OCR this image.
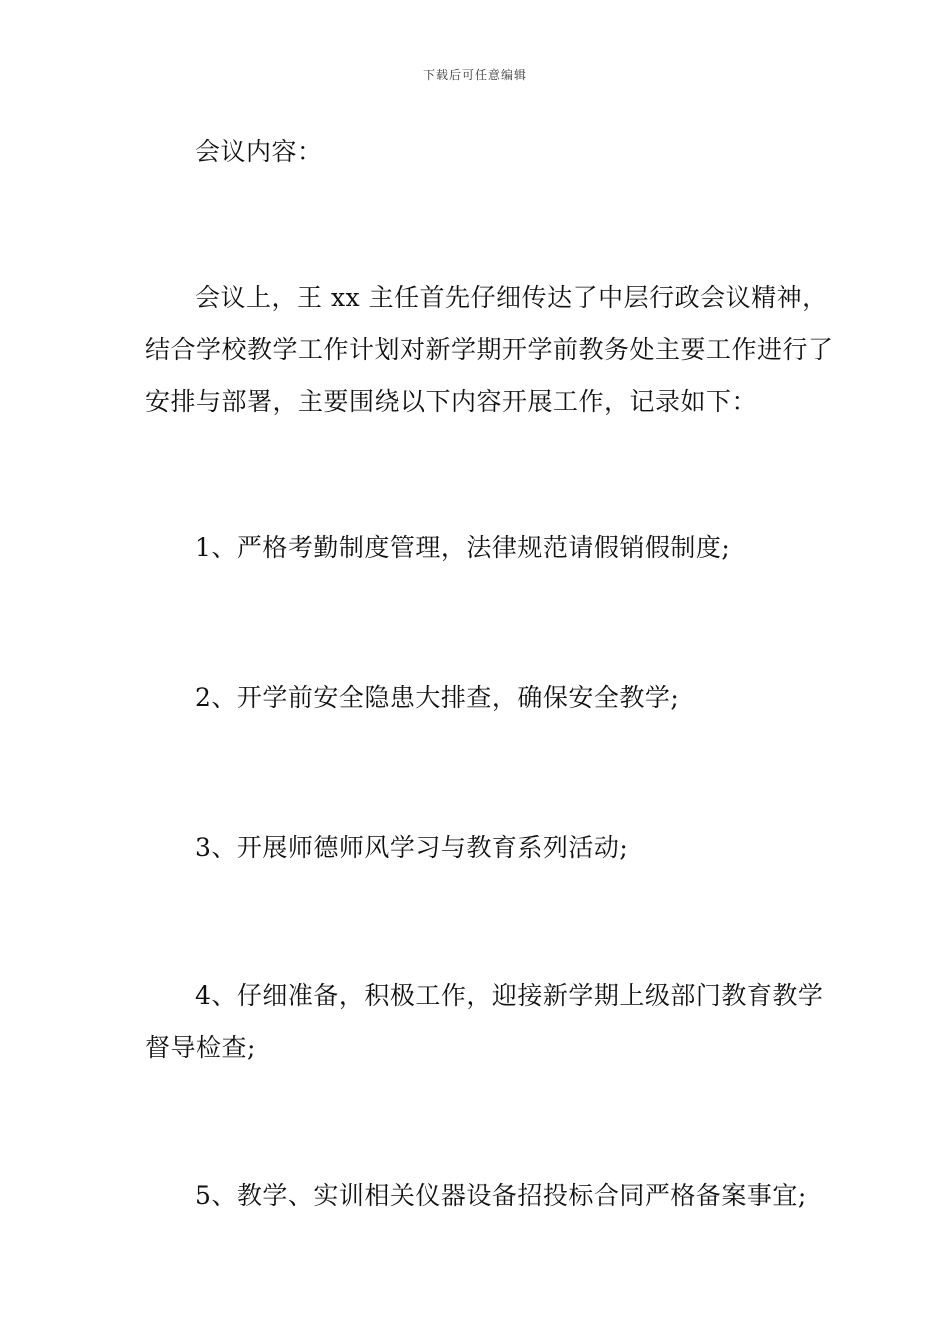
下载后可任意编辑

会议内容：

会议上，王 xx 主任首先仔细传达了中层行政会议精神，结合学校教学工作计划对新学期开学前教务处主要工作进行了安排与部署，主要围绕以下内容开展工作，记录如下：

1、严格考勤制度管理，法律规范请假销假制度;

2、开学前安全隐患大排查，确保安全教学;

3、开展师德师风学习与教育系列活动;

4、仔细准备，积极工作，迎接新学期上级部门教育教学督导检查;

5、教学、实训相关仪器设备招投标合同严格备案事宜;
